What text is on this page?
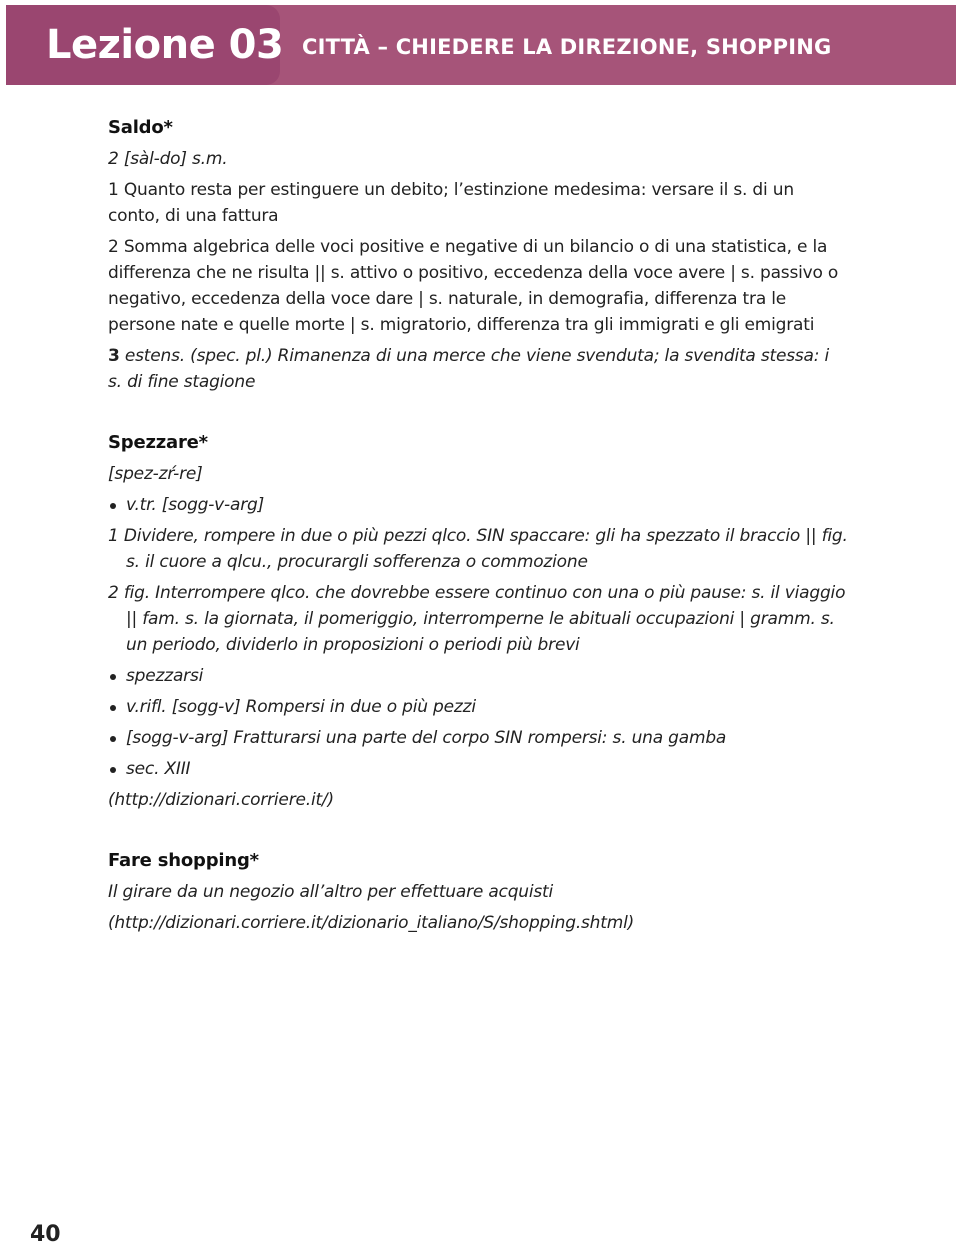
Lezione 03 CITTÀ – CHIEDERE LA DIREZIONE, SHOPPING

Saldo*

2 [sàl-do] s.m.

1 Quanto resta per estinguere un debito; l’estinzione medesima: versare il s. di un conto, di una fattura

2 Somma algebrica delle voci positive e negative di un bilancio o di una statistica, e la differenza che ne risulta || s. attivo o positivo, eccedenza della voce avere | s. passivo o negativo, eccedenza della voce dare | s. naturale, in demografia, differenza tra le persone nate e quelle morte | s. migratorio, differenza tra gli immigrati e gli emigrati

3 estens. (spec. pl.) Rimanenza di una merce che viene svenduta; la svendita stessa: i s. di fine stagione

Spezzare*

[spez-zŕ-re]

v.tr. [sogg-v-arg]

1 Dividere, rompere in due o più pezzi qlco. SIN spaccare: gli ha spezzato il braccio || fig. s. il cuore a qlcu., procurargli sofferenza o commozione

2 fig. Interrompere qlco. che dovrebbe essere continuo con una o più pause: s. il viaggio || fam. s. la giornata, il pomeriggio, interromperne le abituali occupazioni | gramm. s. un periodo, dividerlo in proposizioni o periodi più brevi

spezzarsi

v.rifl. [sogg-v] Rompersi in due o più pezzi

[sogg-v-arg] Fratturarsi una parte del corpo SIN rompersi: s. una gamba

sec. XIII

(http://dizionari.corriere.it/)

Fare shopping*

Il girare da un negozio all’altro per effettuare acquisti

(http://dizionari.corriere.it/dizionario_italiano/S/shopping.shtml)

40
